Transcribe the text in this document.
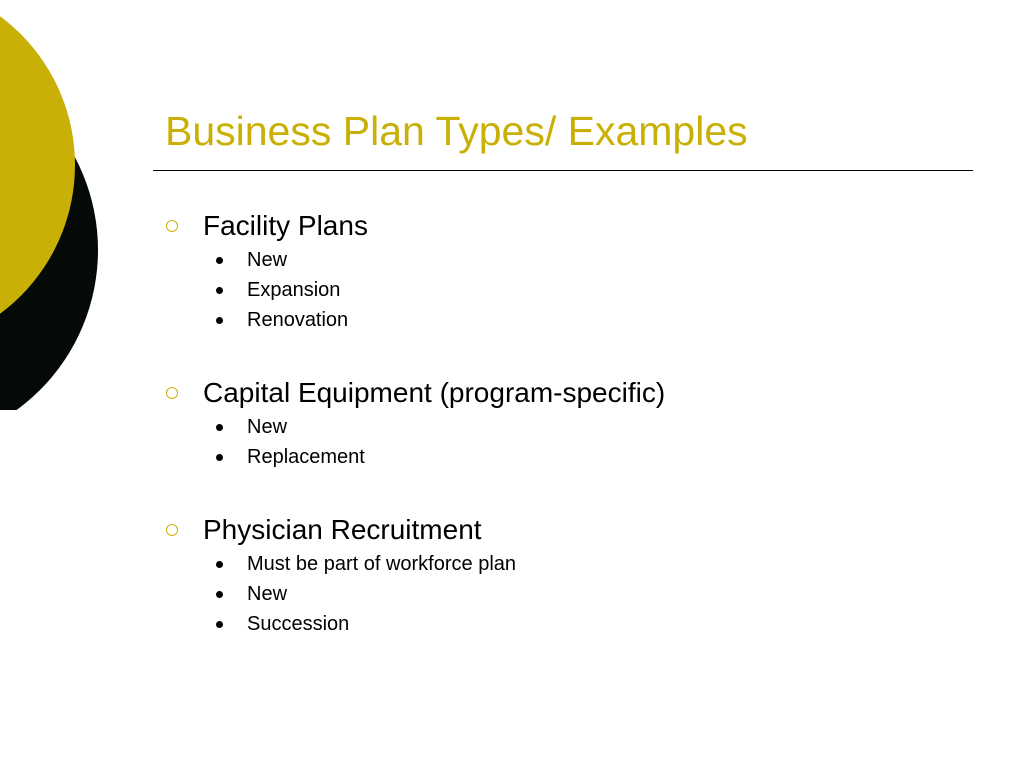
Business Plan Types/ Examples
Facility Plans
New
Expansion
Renovation
Capital Equipment (program-specific)
New
Replacement
Physician Recruitment
Must be part of workforce plan
New
Succession
